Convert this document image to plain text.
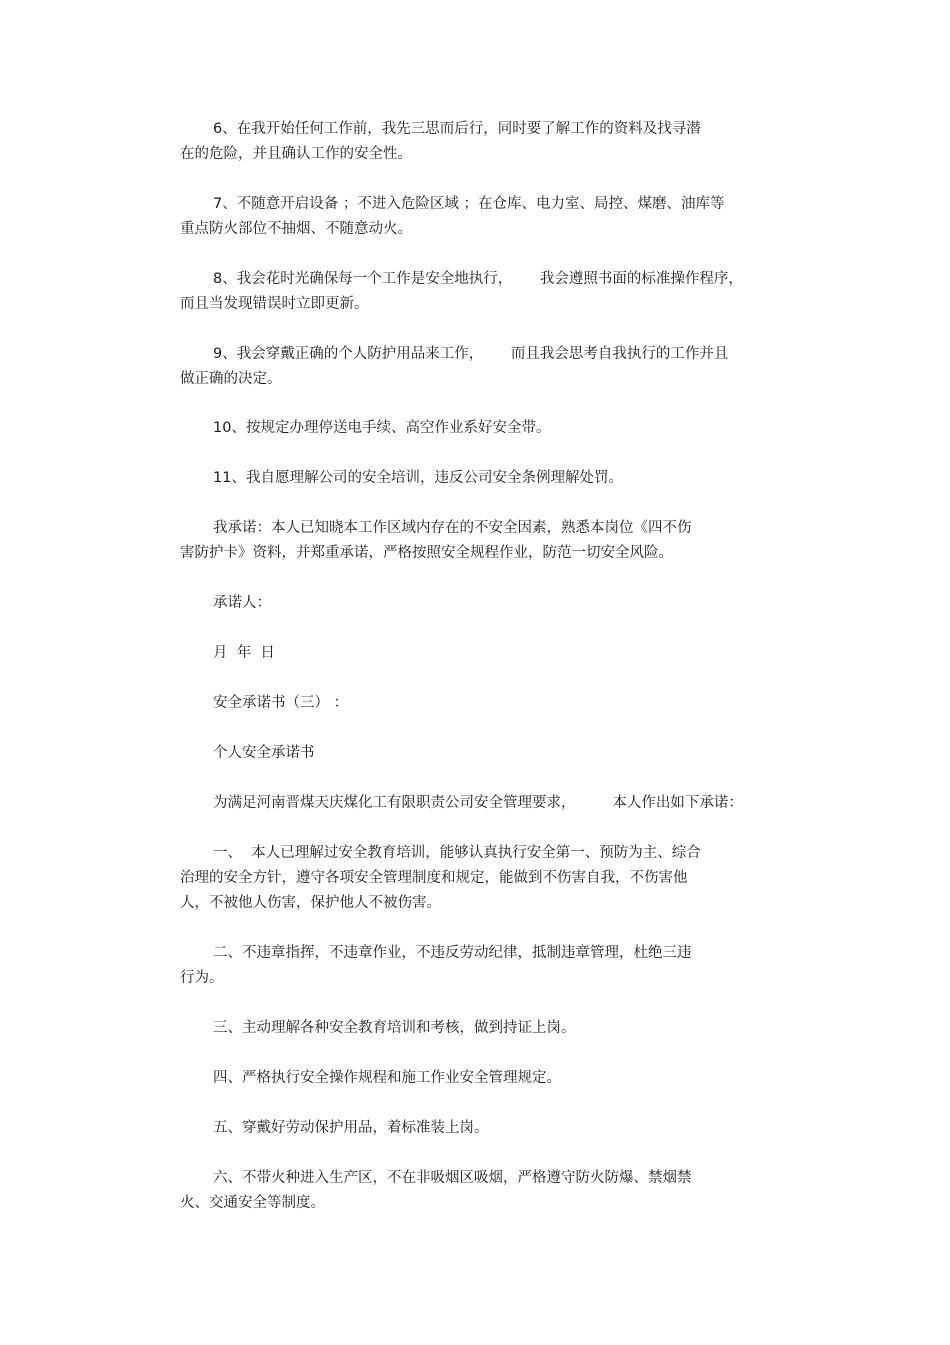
6、在我开始任何工作前，我先三思而后行，同时要了解工作的资料及找寻潜
在的危险，并且确认工作的安全性。
7、不随意开启设备 ；不进入危险区域 ；在仓库、电力室、局控、煤磨、油库等
重点防火部位不抽烟、不随意动火。
8、我会花时光确保每一个工作是安全地执行，      我会遵照书面的标准操作程序，
而且当发现错误时立即更新。
9、我会穿戴正确的个人防护用品来工作，      而且我会思考自我执行的工作并且
做正确的决定。
10、按规定办理停送电手续、高空作业系好安全带。
11、我自愿理解公司的安全培训，违反公司安全条例理解处罚。
我承诺：本人已知晓本工作区域内存在的不安全因素，熟悉本岗位《四不伤
害防护卡》资料，并郑重承诺，严格按照安全规程作业，防范一切安全风险。
承诺人：
月  年  日
安全承诺书（三） ：
个人安全承诺书
为满足河南晋煤天庆煤化工有限职责公司安全管理要求，        本人作出如下承诺：
一、  本人已理解过安全教育培训，能够认真执行安全第一、预防为主、综合
治理的安全方针，遵守各项安全管理制度和规定，能做到不伤害自我，不伤害他
人，不被他人伤害，保护他人不被伤害。
二、不违章指挥，不违章作业，不违反劳动纪律，抵制违章管理，杜绝三违
行为。
三、主动理解各种安全教育培训和考核，做到持证上岗。
四、严格执行安全操作规程和施工作业安全管理规定。
五、穿戴好劳动保护用品，着标准装上岗。
六、不带火种进入生产区，不在非吸烟区吸烟，严格遵守防火防爆、禁烟禁
火、交通安全等制度。
